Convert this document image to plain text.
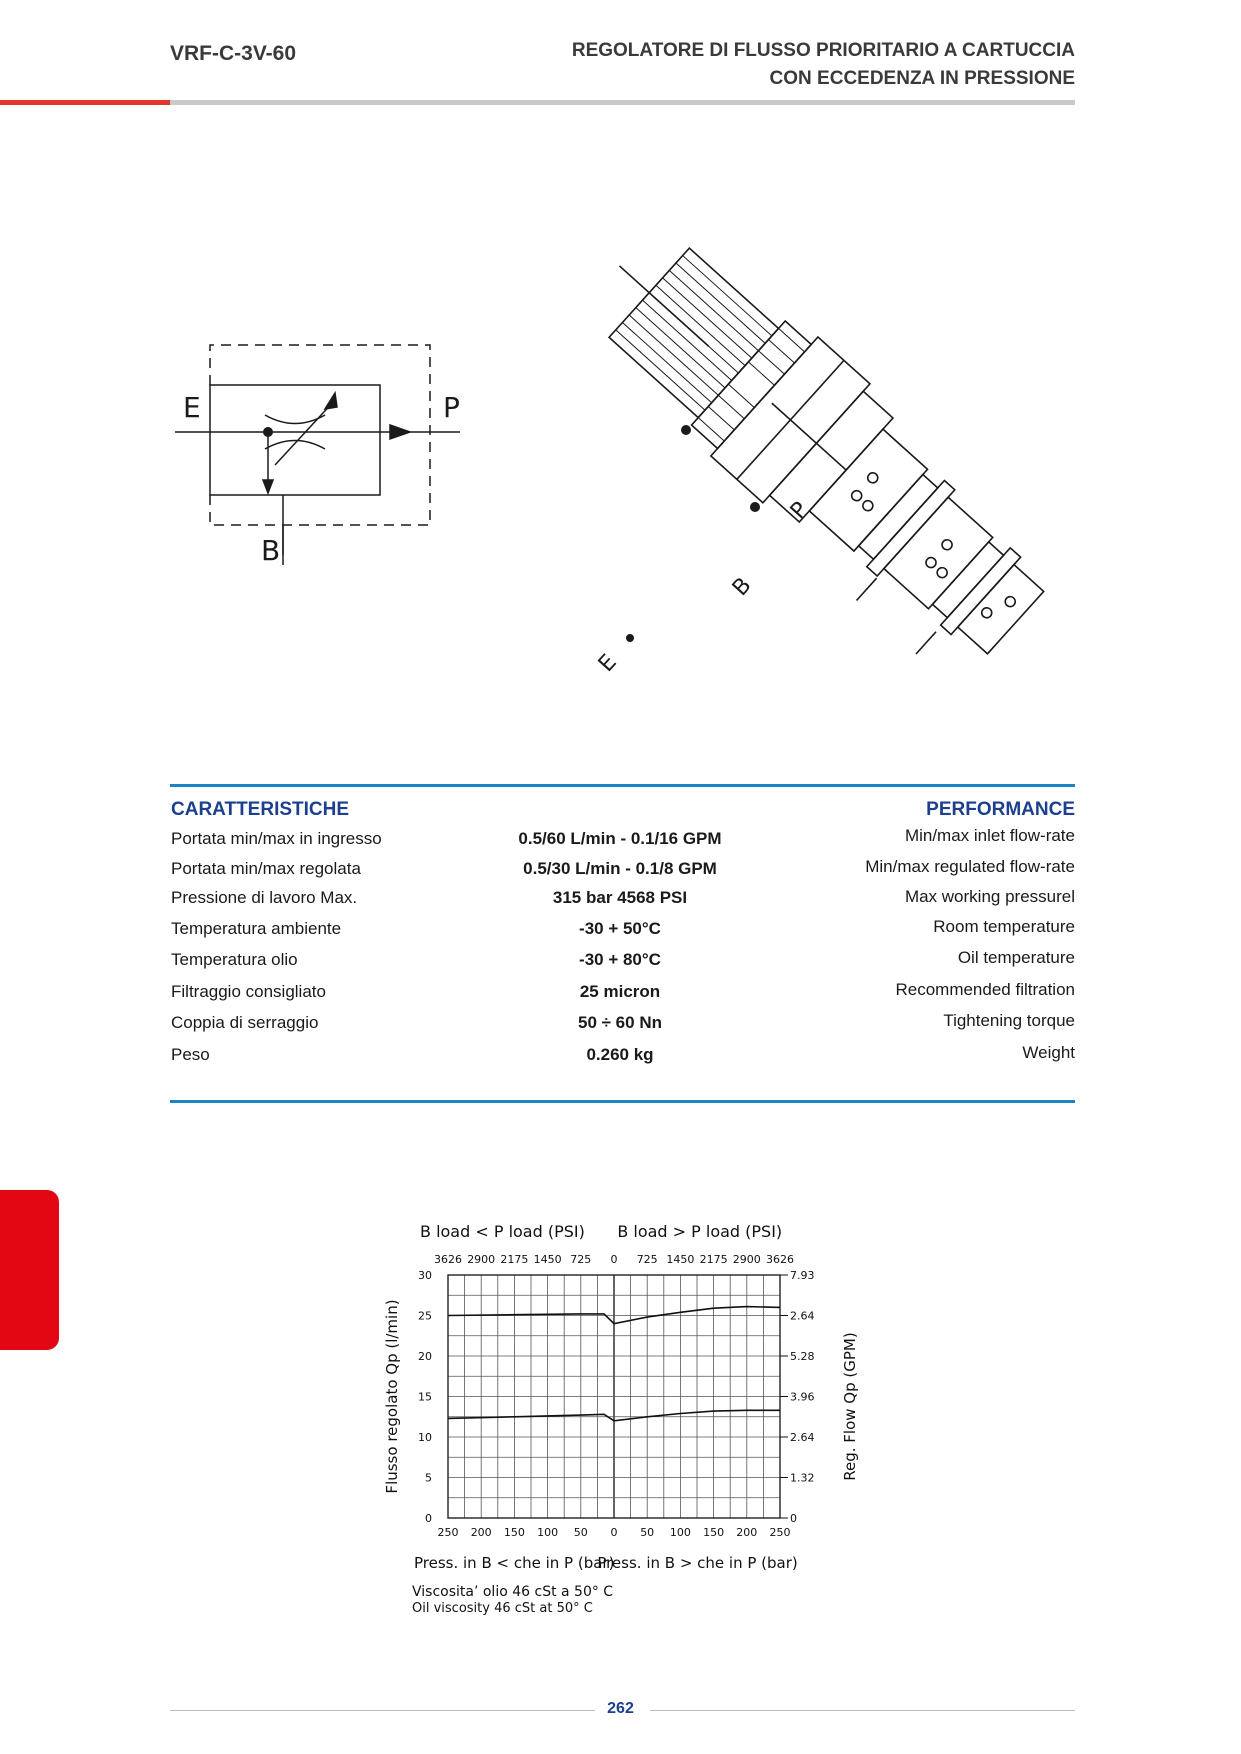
VRF-C-3V-60	REGOLATORE DI FLUSSO PRIORITARIO A CARTUCCIA
CON ECCEDENZA IN PRESSIONE
E	P
B
P
B
E
CARATTERISTICHE	PERFORMANCE
Portata min/max in ingresso	0.5/60 L/min - 0.1/16 GPM	Min/max inlet flow-rate
Portata min/max regolata	0.5/30 L/min - 0.1/8 GPM	Min/max regulated flow-rate
Pressione di lavoro Max.	315 bar 4568 PSI	Max working pressurel
Temperatura ambiente	-30 + 50°C	Room temperature
Temperatura olio	-30 + 80°C	Oil temperature
Filtraggio consigliato	25 micron	Recommended filtration
Coppia di serraggio	50 ÷ 60 Nn	Tightening torque
Peso	0.260 kg	Weight
0
5
10
15
20
25
30
0
1.32
2.64
3.96
5.28
2.64
7.93
250 200 150 100 50 0 50 100 150 200 250
3626 2900 2175 1450 725 0 725 1450 2175 2900 3626
B load < P load (PSI) B load > P load (PSI)
Press. in B < che in P (bar)
Press. in B > che in P (bar)
Flusso regolato Qp (l/min)	Reg. Flow Qp (GPM)
Viscosita’ olio 46 cSt a 50° C
Oil viscosity 46 cSt at 50° C
262
